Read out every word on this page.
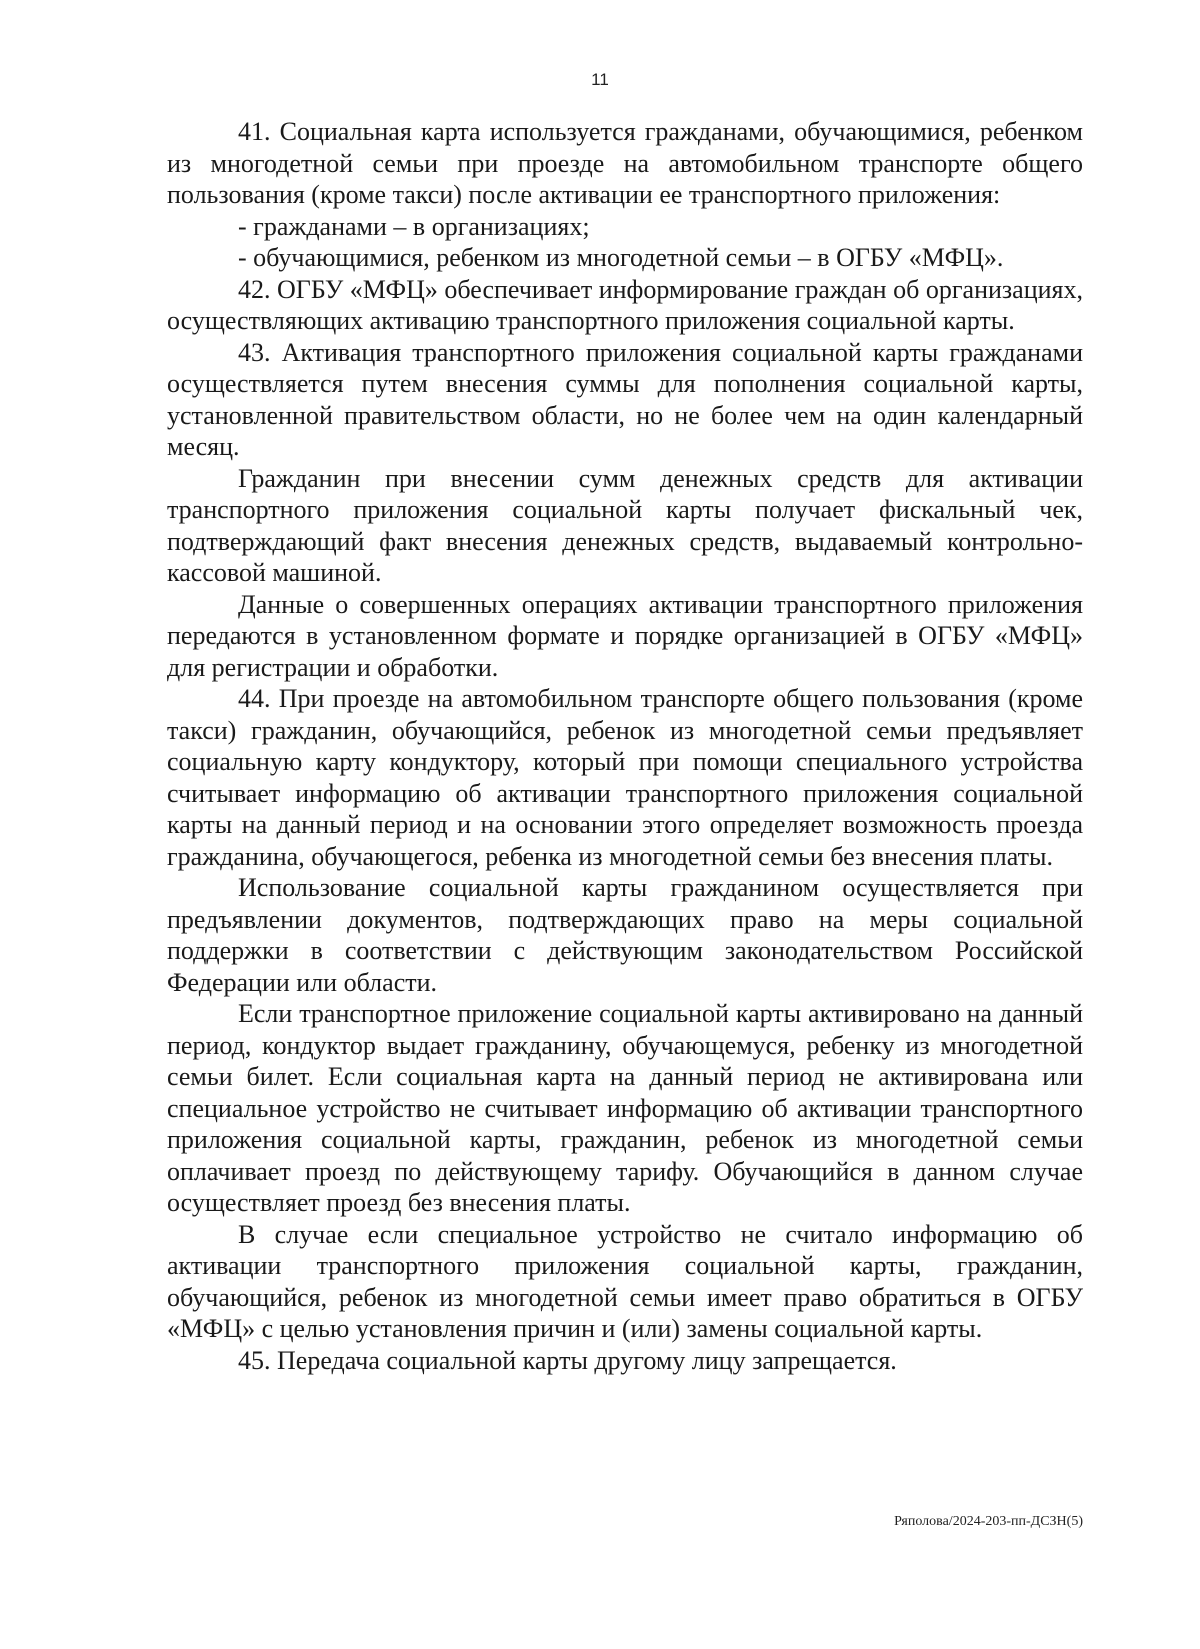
11

41. Социальная карта используется гражданами, обучающимися, ребенком из многодетной семьи при проезде на автомобильном транспорте общего пользования (кроме такси) после активации ее транспортного приложения:

- гражданами – в организациях;

- обучающимися, ребенком из многодетной семьи – в ОГБУ «МФЦ».

42. ОГБУ «МФЦ» обеспечивает информирование граждан об организациях, осуществляющих активацию транспортного приложения социальной карты.

43. Активация транспортного приложения социальной карты гражданами осуществляется путем внесения суммы для пополнения социальной карты, установленной правительством области, но не более чем на один календарный месяц.

Гражданин при внесении сумм денежных средств для активации транспортного приложения социальной карты получает фискальный чек, подтверждающий факт внесения денежных средств, выдаваемый контрольно-кассовой машиной.

Данные о совершенных операциях активации транспортного приложения передаются в установленном формате и порядке организацией в ОГБУ «МФЦ» для регистрации и обработки.

44. При проезде на автомобильном транспорте общего пользования (кроме такси) гражданин, обучающийся, ребенок из многодетной семьи предъявляет социальную карту кондуктору, который при помощи специального устройства считывает информацию об активации транспортного приложения социальной карты на данный период и на основании этого определяет возможность проезда гражданина, обучающегося, ребенка из многодетной семьи без внесения платы.

Использование социальной карты гражданином осуществляется при предъявлении документов, подтверждающих право на меры социальной поддержки в соответствии с действующим законодательством Российской Федерации или области.

Если транспортное приложение социальной карты активировано на данный период, кондуктор выдает гражданину, обучающемуся, ребенку из многодетной семьи билет. Если социальная карта на данный период не активирована или специальное устройство не считывает информацию об активации транспортного приложения социальной карты, гражданин, ребенок из многодетной семьи оплачивает проезд по действующему тарифу. Обучающийся в данном случае осуществляет проезд без внесения платы.

В случае если специальное устройство не считало информацию об активации транспортного приложения социальной карты, гражданин, обучающийся, ребенок из многодетной семьи имеет право обратиться в ОГБУ «МФЦ» с целью установления причин и (или) замены социальной карты.

45. Передача социальной карты другому лицу запрещается.

Ряполова/2024-203-пп-ДСЗН(5)
